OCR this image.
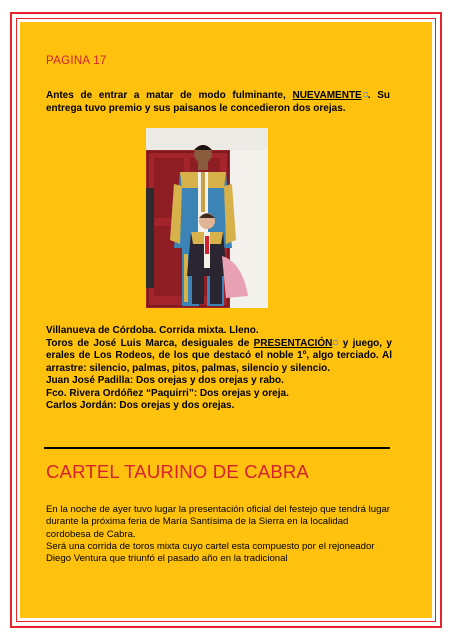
PAGINA 17
Antes de entrar a matar de modo fulminante, NUEVAMENTE . Su entrega tuvo premio y sus paisanos le concedieron dos orejas.

Villanueva de Córdoba. Corrida mixta. Lleno.

Toros de José Luis Marca, desiguales de PRESENTACIÓN y juego, y erales de Los Rodeos, de los que destacó el noble 1º, algo terciado. Al arrastre: silencio, palmas, pitos, palmas, silencio y silencio.

Juan José Padilla: Dos orejas y dos orejas y rabo.

Fco. Rivera Ordóñez “Paquirri”: Dos orejas y oreja.

Carlos Jordán: Dos orejas y dos orejas.

CARTEL TAURINO DE CABRA

En la noche de ayer tuvo lugar la presentación oficial del festejo que tendrá lugar durante la próxima feria de María Santísima de la Sierra en la localidad cordobesa de Cabra.

Será una corrida de toros mixta cuyo cartel esta compuesto por el rejoneador Diego Ventura que triunfó el pasado año en la tradicional
